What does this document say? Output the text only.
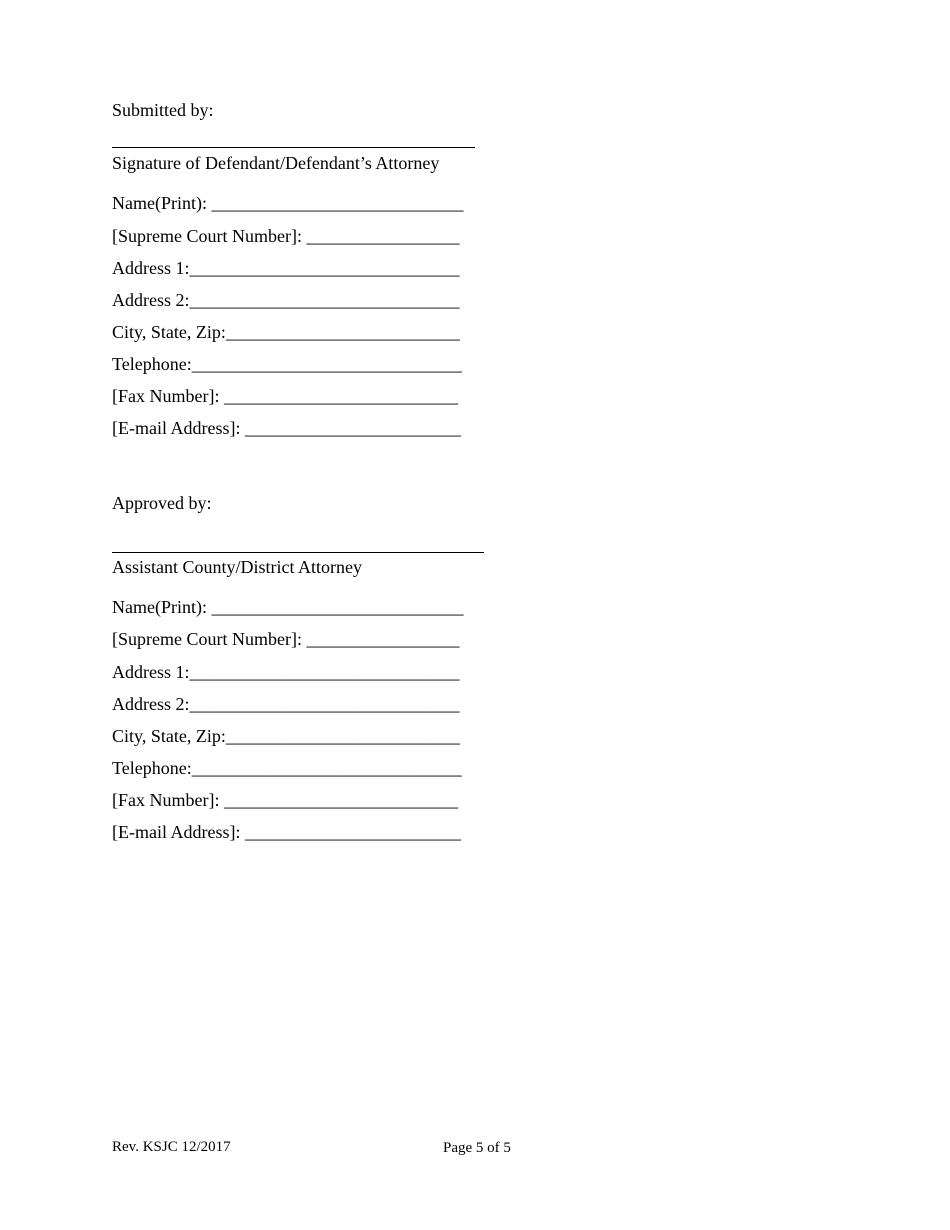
Submitted by:
Signature of Defendant/Defendant’s Attorney
Name(Print): ____________________________
[Supreme Court Number]: _________________
Address 1:______________________________
Address 2:______________________________
City, State, Zip:__________________________
Telephone:______________________________
[Fax Number]: __________________________
[E-mail Address]: ________________________
Approved by:
Assistant County/District Attorney
Name(Print): ____________________________
[Supreme Court Number]: _________________
Address 1:______________________________
Address 2:______________________________
City, State, Zip:__________________________
Telephone:______________________________
[Fax Number]: __________________________
[E-mail Address]: ________________________
Rev. KSJC 12/2017	Page 5 of 5
